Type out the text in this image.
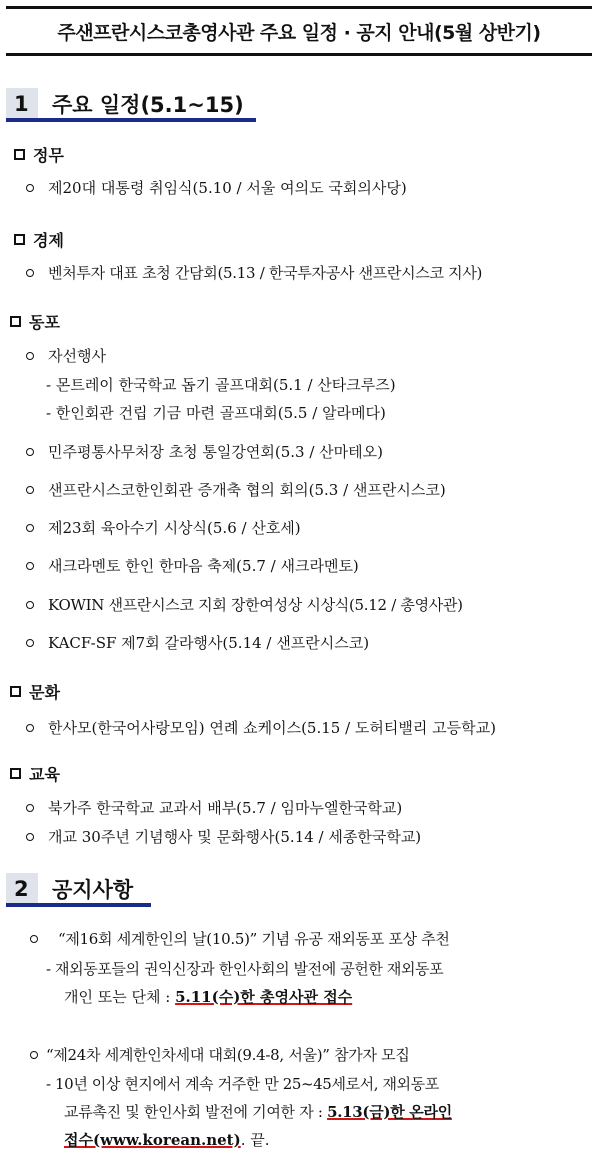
주샌프란시스코총영사관 주요 일정 · 공지 안내(5월 상반기)
1	주요 일정(5.1~15)
정무
제20대 대통령 취임식(5.10 / 서울 여의도 국회의사당)
경제
벤처투자 대표 초청 간담회(5.13 / 한국투자공사 샌프란시스코 지사)
동포
자선행사
- 몬트레이 한국학교 돕기 골프대회(5.1 / 산타크루즈)
- 한인회관 건립 기금 마련 골프대회(5.5 / 알라메다)
민주평통사무처장 초청 통일강연회(5.3 / 산마테오)
샌프란시스코한인회관 증개축 협의 회의(5.3 / 샌프란시스코)
제23회 육아수기 시상식(5.6 / 산호세)
새크라멘토 한인 한마음 축제(5.7 / 새크라멘토)
KOWIN 샌프란시스코 지회 장한여성상 시상식(5.12 / 총영사관)
KACF-SF 제7회 갈라행사(5.14 / 샌프란시스코)
문화
한사모(한국어사랑모임) 연례 쇼케이스(5.15 / 도허티밸리 고등학교)
교육
북가주 한국학교 교과서 배부(5.7 / 임마누엘한국학교)
개교 30주년 기념행사 및 문화행사(5.14 / 세종한국학교)
2	공지사항
“제16회 세계한인의 날(10.5)” 기념 유공 재외동포 포상 추천
- 재외동포들의 권익신장과 한인사회의 발전에 공헌한 재외동포
개인 또는 단체 : 5.11(수)한 총영사관 접수
“제24차 세계한인차세대 대회(9.4-8, 서울)” 참가자 모집
- 10년 이상 현지에서 계속 거주한 만 25~45세로서, 재외동포
교류촉진 및 한인사회 발전에 기여한 자 : 5.13(금)한 온라인
접수(www.korean.net). 끝.
